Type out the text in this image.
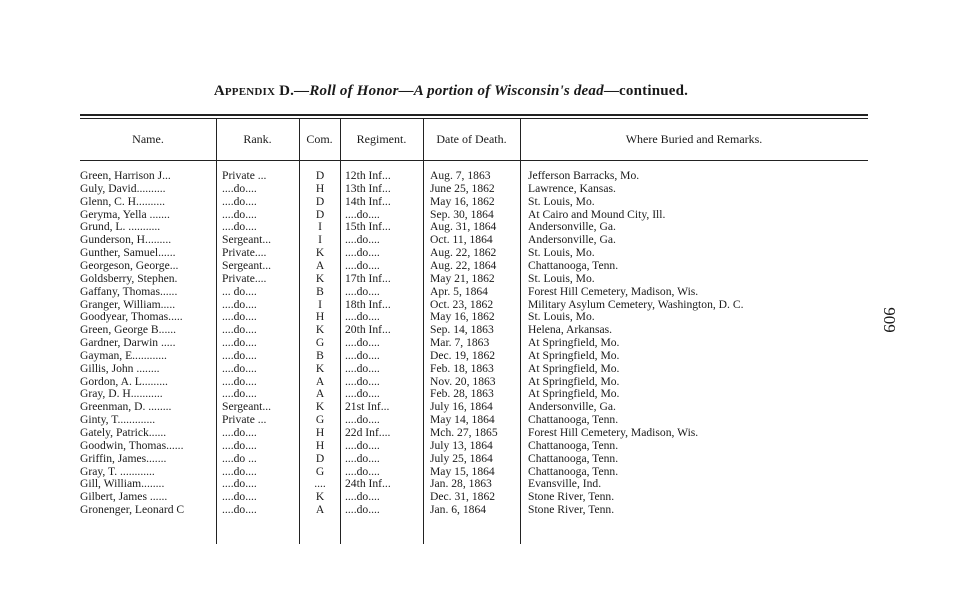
Appendix D.—Roll of Honor—A portion of Wisconsin's dead—continued.
Name.	Rank.	Com.	Regiment.	Date of Death.	Where Buried and Remarks.
Green, Harrison J...	Private ...	D	12th Inf...	Aug. 7, 1863	Jefferson Barracks, Mo.
Guly, David..........	....do....	H	13th Inf...	June 25, 1862	Lawrence, Kansas.
Glenn, C. H..........	....do....	D	14th Inf...	May 16, 1862	St. Louis, Mo.
Geryma, Yella .......	....do....	D	....do....	Sep. 30, 1864	At Cairo and Mound City, Ill.
Grund, L. ...........	....do....	I	15th Inf...	Aug. 31, 1864	Andersonville, Ga.
Gunderson, H.........	Sergeant...	I	....do....	Oct. 11, 1864	Andersonville, Ga.
Gunther, Samuel......	Private....	K	....do....	Aug. 22, 1862	St. Louis, Mo.
Georgeson, George...	Sergeant...	A	....do....	Aug. 22, 1864	Chattanooga, Tenn.
Goldsberry, Stephen.	Private....	K	17th Inf...	May 21, 1862	St. Louis, Mo.
Gaffany, Thomas......	... do....	B	....do....	Apr. 5, 1864	Forest Hill Cemetery, Madison, Wis.
Granger, William.....	....do....	I	18th Inf...	Oct. 23, 1862	Military Asylum Cemetery, Washington, D. C.
Goodyear, Thomas.....	....do....	H	....do....	May 16, 1862	St. Louis, Mo.
Green, George B......	....do....	K	20th Inf...	Sep. 14, 1863	Helena, Arkansas.
Gardner, Darwin .....	....do....	G	....do....	Mar. 7, 1863	At Springfield, Mo.
Gayman, E............	....do....	B	....do....	Dec. 19, 1862	At Springfield, Mo.
Gillis, John ........	....do....	K	....do....	Feb. 18, 1863	At Springfield, Mo.
Gordon, A. L.........	....do....	A	....do....	Nov. 20, 1863	At Springfield, Mo.
Gray, D. H...........	....do....	A	....do....	Feb. 28, 1863	At Springfield, Mo.
Greenman, D. ........	Sergeant...	K	21st Inf...	July 16, 1864	Andersonville, Ga.
Ginty, T.............	Private ...	G	....do....	May 14, 1864	Chattanooga, Tenn.
Gately, Patrick......	....do....	H	22d Inf....	Mch. 27, 1865	Forest Hill Cemetery, Madison, Wis.
Goodwin, Thomas......	....do....	H	....do....	July 13, 1864	Chattanooga, Tenn.
Griffin, James.......	....do ...	D	....do....	July 25, 1864	Chattanooga, Tenn.
Gray, T. ............	....do....	G	....do....	May 15, 1864	Chattanooga, Tenn.
Gill, William........	....do....	....	24th Inf...	Jan. 28, 1863	Evansville, Ind.
Gilbert, James ......	....do....	K	....do....	Dec. 31, 1862	Stone River, Tenn.
Gronenger, Leonard C	....do....	A	....do....	Jan. 6, 1864	Stone River, Tenn.
909
